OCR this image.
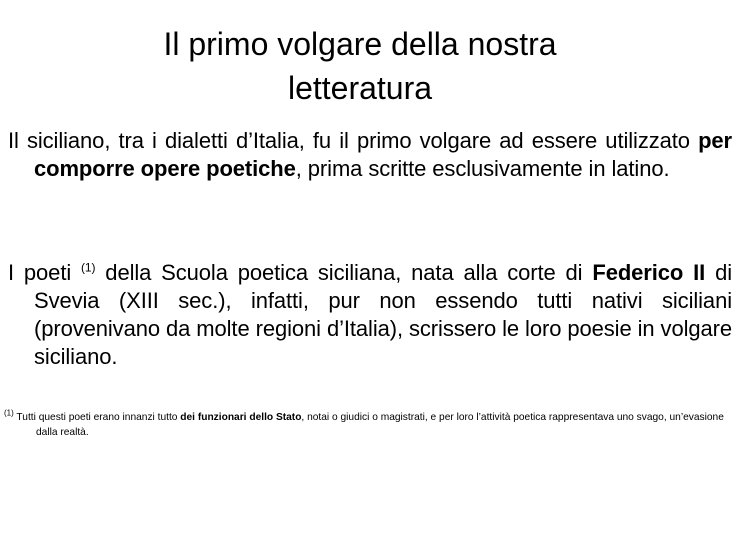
Il primo volgare della nostra
letteratura

Il siciliano, tra i dialetti d’Italia, fu il primo volgare ad essere utilizzato per comporre opere poetiche, prima scritte esclusivamente in latino.

I poeti $^{(1)}$ della Scuola poetica siciliana, nata alla corte di Federico II di Svevia (XIII sec.), infatti, pur non essendo tutti nativi siciliani (provenivano da molte regioni d’Italia), scrissero le loro poesie in volgare siciliano.

$^{(1)}$ Tutti questi poeti erano innanzi tutto dei funzionari dello Stato, notai o giudici o magistrati, e per loro l’attività poetica rappresentava uno svago, un’evasione dalla realtà.
